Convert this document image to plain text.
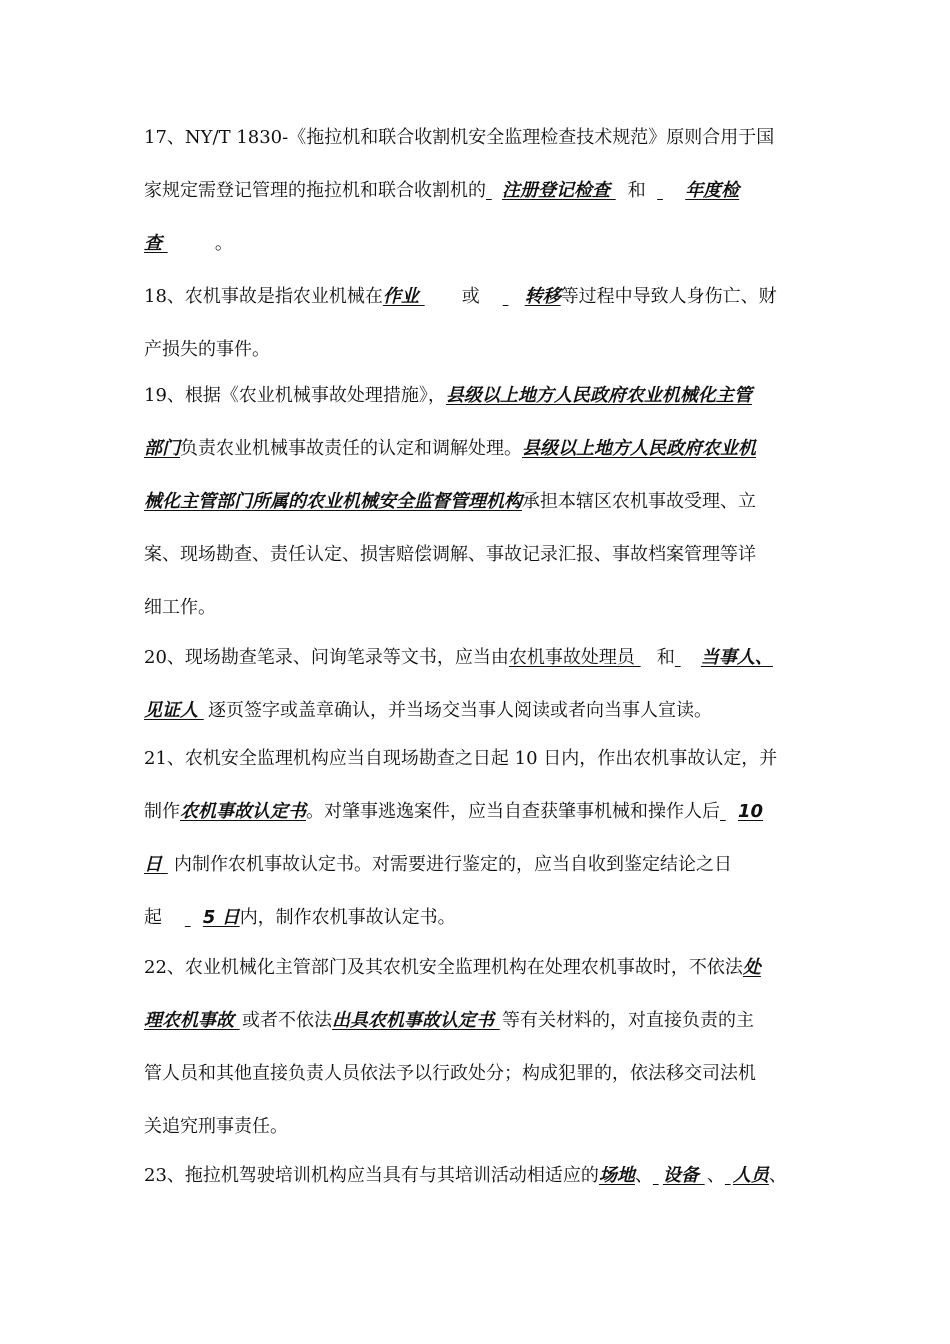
17、NY/T 1830-《拖拉机和联合收割机安全监理检查技术规范》原则合用于国
家规定需登记管理的拖拉机和联合收割机的 注册登记检查 和 年度检
查	。
18、农机事故是指农业机械在作业 或 转移等过程中导致人身伤亡、财
产损失的事件。
19、根据《农业机械事故处理措施》，县级以上地方人民政府农业机械化主管
部门负责农业机械事故责任的认定和调解处理。县级以上地方人民政府农业机
械化主管部门所属的农业机械安全监督管理机构承担本辖区农机事故受理、立
案、现场勘查、责任认定、损害赔偿调解、事故记录汇报、事故档案管理等详
细工作。
20、现场勘查笔录、问询笔录等文书，应当由农机事故处理员 和 当事人、
见证人 逐页签字或盖章确认，并当场交当事人阅读或者向当事人宣读。
21、农机安全监理机构应当自现场勘查之日起 10 日内，作出农机事故认定，并
制作农机事故认定书。对肇事逃逸案件，应当自查获肇事机械和操作人后 10
日 内制作农机事故认定书。对需要进行鉴定的，应当自收到鉴定结论之日
起 5 日内，制作农机事故认定书。
22、农业机械化主管部门及其农机安全监理机构在处理农机事故时，不依法处
理农机事故 或者不依法出具农机事故认定书 等有关材料的，对直接负责的主
管人员和其他直接负责人员依法予以行政处分；构成犯罪的，依法移交司法机
关追究刑事责任。
23、拖拉机驾驶培训机构应当具有与其培训活动相适应的场地、 设备 、 人员、
